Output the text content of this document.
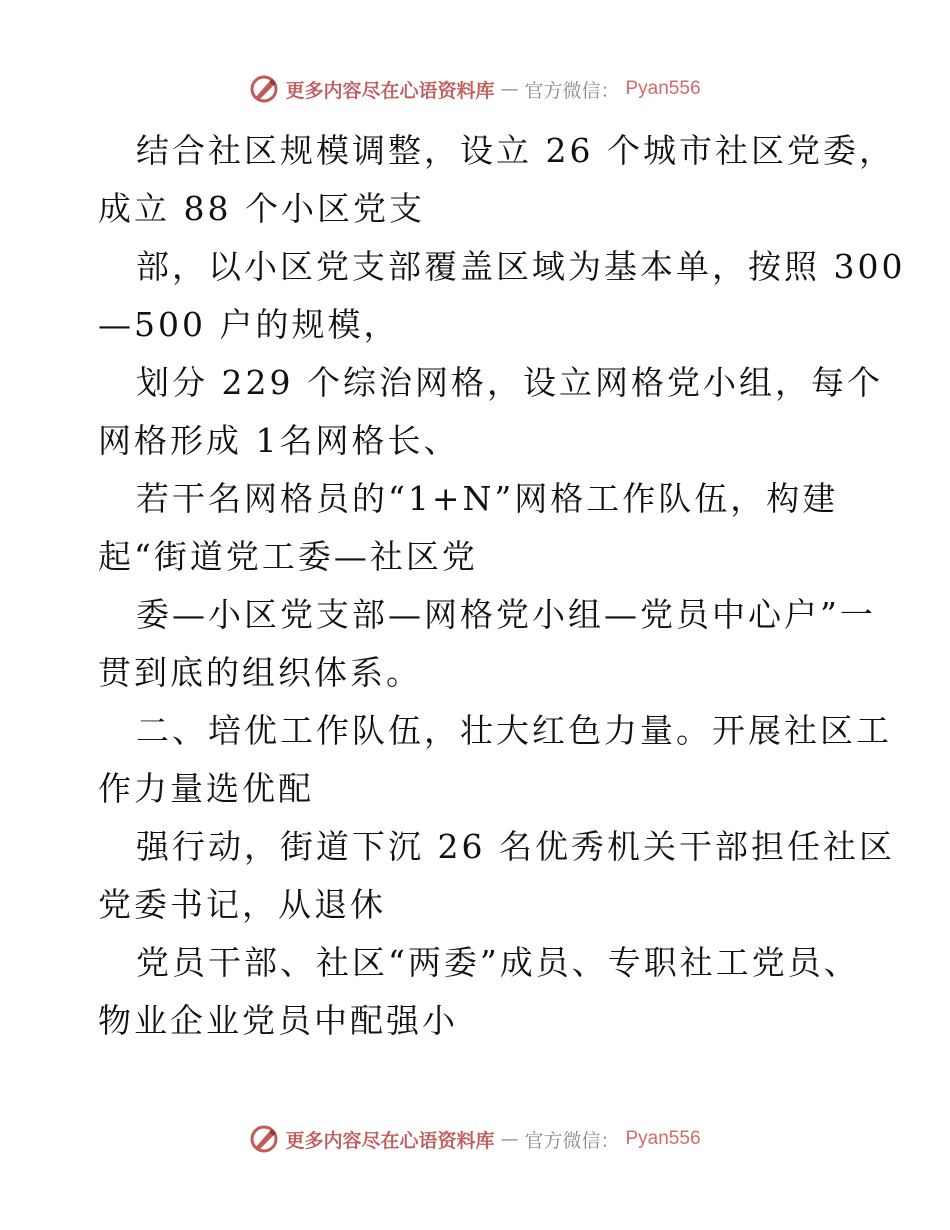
更多内容尽在心语资料库 — 官方微信： Pyan556

结合社区规模调整，设立 26 个城市社区党委，
成立 88 个小区党支

部，以小区党支部覆盖区域为基本单，按照 300
—500 户的规模，

划分 229 个综治网格，设立网格党小组，每个
网格形成 1名网格长、

若干名网格员的“1+N”网格工作队伍，构建
起“街道党工委—社区党

委—小区党支部—网格党小组—党员中心户”一
贯到底的组织体系。

二、培优工作队伍，壮大红色力量。开展社区工
作力量选优配

强行动，街道下沉 26 名优秀机关干部担任社区
党委书记，从退休

党员干部、社区“两委”成员、专职社工党员、
物业企业党员中配强小

更多内容尽在心语资料库 — 官方微信： Pyan556
